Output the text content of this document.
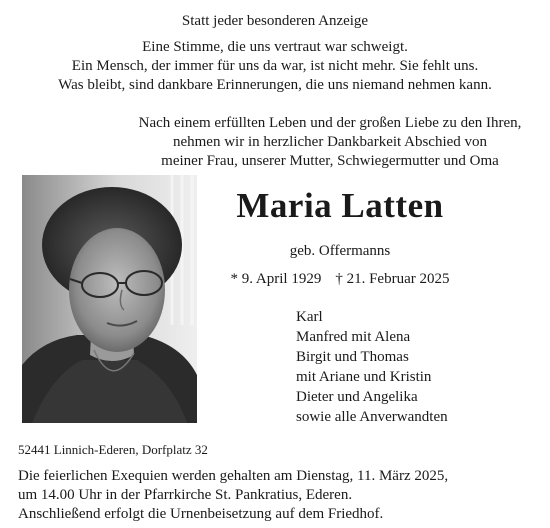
Statt jeder besonderen Anzeige
Eine Stimme, die uns vertraut war schweigt.
Ein Mensch, der immer für uns da war, ist nicht mehr. Sie fehlt uns.
Was bleibt, sind dankbare Erinnerungen, die uns niemand nehmen kann.
Nach einem erfüllten Leben und der großen Liebe zu den Ihren,
nehmen wir in herzlicher Dankbarkeit Abschied von
meiner Frau, unserer Mutter, Schwiegermutter und Oma
Maria Latten
geb. Offermanns
* 9. April 1929 † 21. Februar 2025
Karl
Manfred mit Alena
Birgit und Thomas
mit Ariane und Kristin
Dieter und Angelika
sowie alle Anverwandten
52441 Linnich-Ederen, Dorfplatz 32
Die feierlichen Exequien werden gehalten am Dienstag, 11. März 2025,
um 14.00 Uhr in der Pfarrkirche St. Pankratius, Ederen.
Anschließend erfolgt die Urnenbeisetzung auf dem Friedhof.
